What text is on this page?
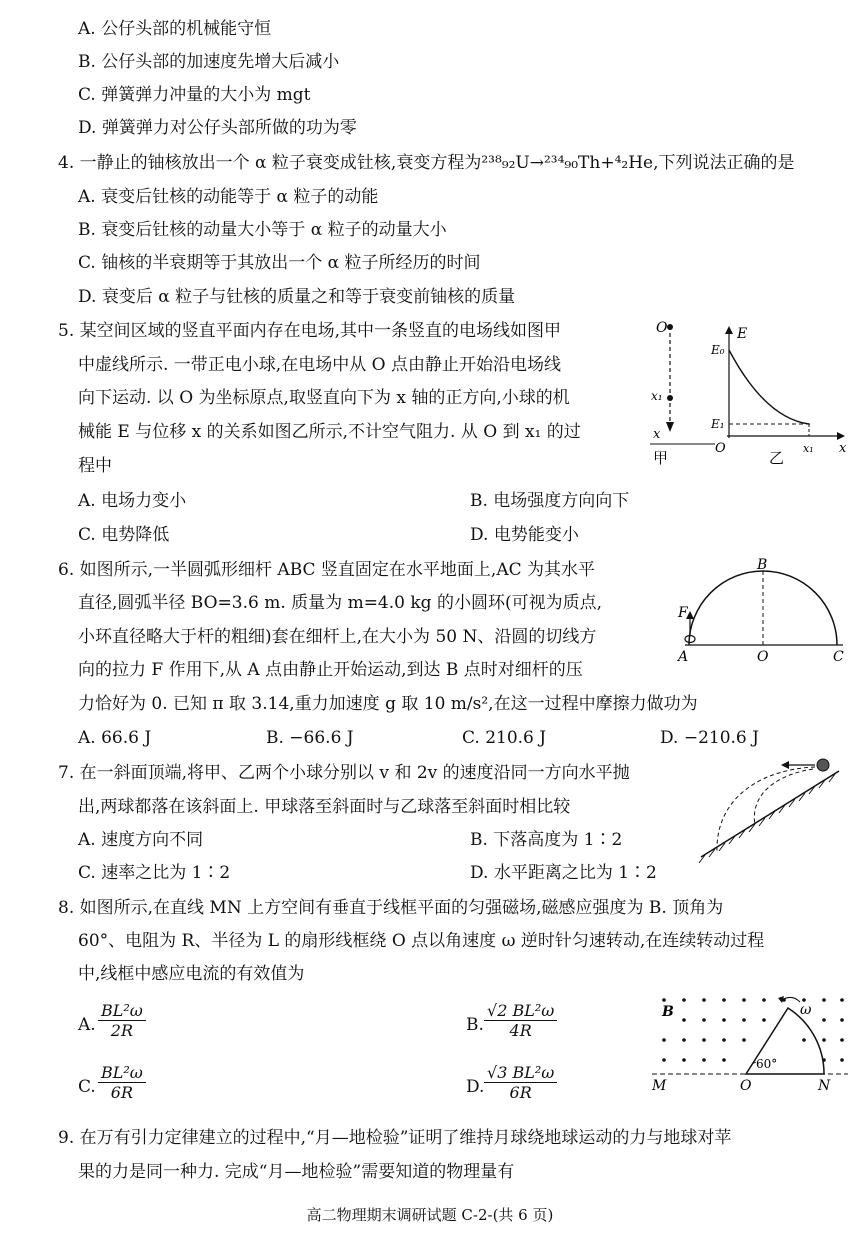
A. 公仔头部的机械能守恒
B. 公仔头部的加速度先增大后减小
C. 弹簧弹力冲量的大小为 mgt
D. 弹簧弹力对公仔头部所做的功为零
4. 一静止的铀核放出一个 α 粒子衰变成钍核,衰变方程为²³⁸₉₂U→²³⁴₉₀Th+⁴₂He,下列说法正确的是
A. 衰变后钍核的动能等于 α 粒子的动能
B. 衰变后钍核的动量大小等于 α 粒子的动量大小
C. 铀核的半衰期等于其放出一个 α 粒子所经历的时间
D. 衰变后 α 粒子与钍核的质量之和等于衰变前铀核的质量
5. 某空间区域的竖直平面内存在电场,其中一条竖直的电场线如图甲
中虚线所示. 一带正电小球,在电场中从 O 点由静止开始沿电场线
向下运动. 以 O 为坐标原点,取竖直向下为 x 轴的正方向,小球的机
械能 E 与位移 x 的关系如图乙所示,不计空气阻力. 从 O 到 x₁ 的过
程中
A. 电场力变小	B. 电场强度方向向下
C. 电势降低	D. 电势能变小
O
x₁
x
甲
E
E₀
E₁
O	x₁ x
乙
6. 如图所示,一半圆弧形细杆 ABC 竖直固定在水平地面上,AC 为其水平
直径,圆弧半径 BO=3.6 m. 质量为 m=4.0 kg 的小圆环(可视为质点,
小环直径略大于杆的粗细)套在细杆上,在大小为 50 N、沿圆的切线方
向的拉力 F 作用下,从 A 点由静止开始运动,到达 B 点时对细杆的压
力恰好为 0. 已知 π 取 3.14,重力加速度 g 取 10 m/s²,在这一过程中摩擦力做功为
A. 66.6 J	B. −66.6 J	C. 210.6 J	D. −210.6 J
F
A
B
O	C
7. 在一斜面顶端,将甲、乙两个小球分别以 v 和 2v 的速度沿同一方向水平抛
出,两球都落在该斜面上. 甲球落至斜面时与乙球落至斜面时相比较
A. 速度方向不同	B. 下落高度为 1∶2
C. 速率之比为 1∶2	D. 水平距离之比为 1∶2
8. 如图所示,在直线 MN 上方空间有垂直于线框平面的匀强磁场,磁感应强度为 B. 顶角为
60°、电阻为 R、半径为 L 的扇形线框绕 O 点以角速度 ω 逆时针匀速转动,在连续转动过程
中,线框中感应电流的有效值为
A. $\frac{\text{BL²ω}}{2R}$	B. $\frac{\text{√2 BL²ω}}{4R}$
C. $\frac{\text{BL²ω}}{6R}$	D. $\frac{\text{√3 BL²ω}}{6R}$
B	ω
60°
M	O	N
9. 在万有引力定律建立的过程中,“月—地检验”证明了维持月球绕地球运动的力与地球对苹
果的力是同一种力. 完成“月—地检验”需要知道的物理量有
高二物理期末调研试题 C-2-(共 6 页)
